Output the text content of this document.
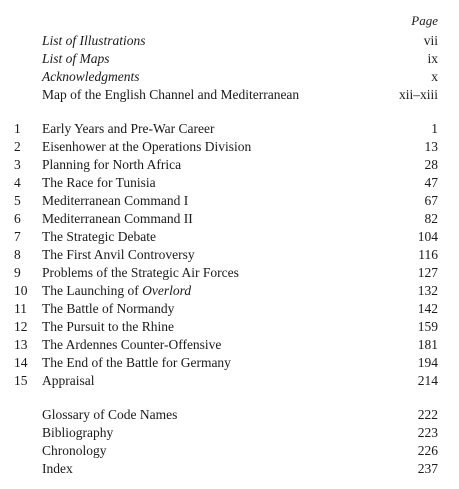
Page
List of Illustrations	vii
List of Maps	ix
Acknowledgments	x
Map of the English Channel and Mediterranean	xii–xiii
1	Early Years and Pre-War Career	1
2	Eisenhower at the Operations Division	13
3	Planning for North Africa	28
4	The Race for Tunisia	47
5	Mediterranean Command I	67
6	Mediterranean Command II	82
7	The Strategic Debate	104
8	The First Anvil Controversy	116
9	Problems of the Strategic Air Forces	127
10	The Launching of Overlord	132
11	The Battle of Normandy	142
12	The Pursuit to the Rhine	159
13	The Ardennes Counter-Offensive	181
14	The End of the Battle for Germany	194
15	Appraisal	214
Glossary of Code Names	222
Bibliography	223
Chronology	226
Index	237
